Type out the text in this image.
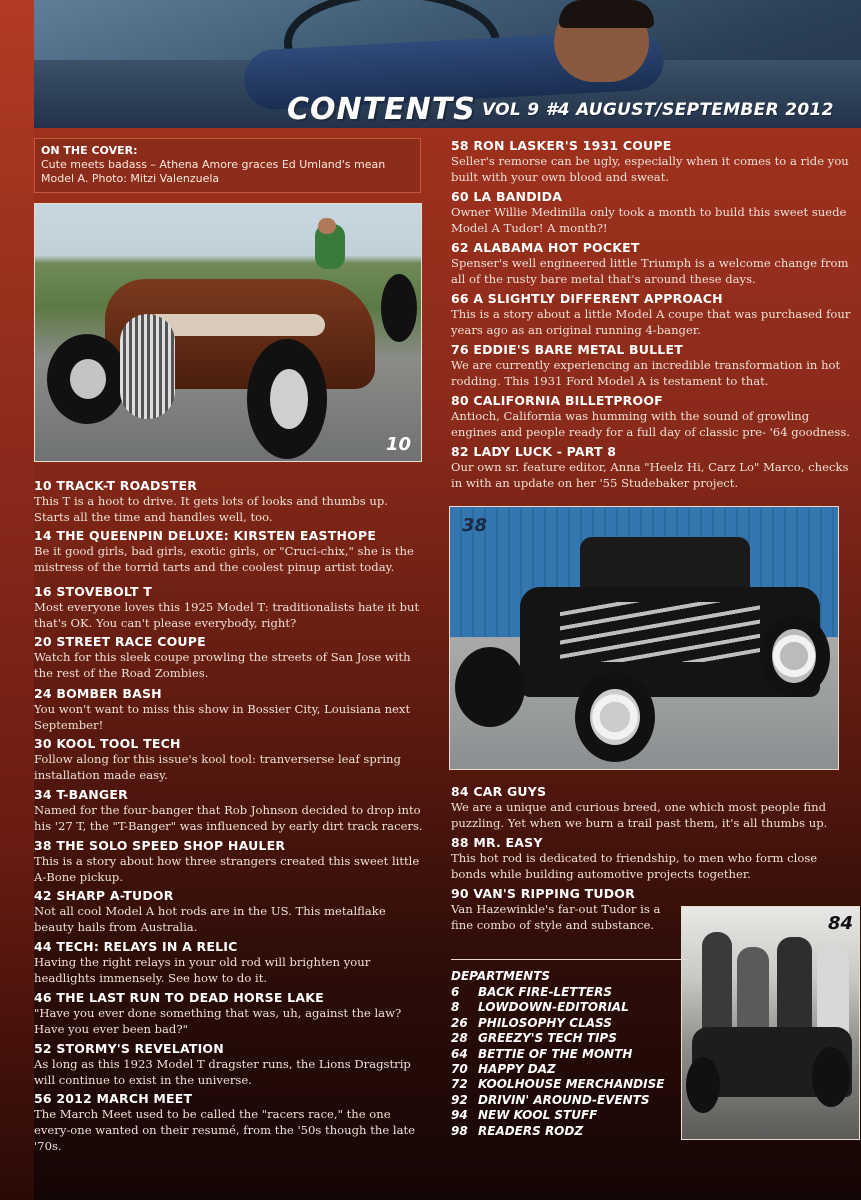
CONTENTS VOL 9 #4 AUGUST/SEPTEMBER 2012
ON THE COVER:
Cute meets badass – Athena Amore graces Ed Umland's mean Model A. Photo: Mitzi Valenzuela
10
38
84
10 TRACK-T ROADSTER
This T is a hoot to drive. It gets lots of looks and thumbs up. Starts all the time and handles well, too.
14 THE QUEENPIN DELUXE: KIRSTEN EASTHOPE
Be it good girls, bad girls, exotic girls, or "Cruci-chix," she is the mistress of the torrid tarts and the coolest pinup artist today.
16 STOVEBOLT T
Most everyone loves this 1925 Model T: traditionalists hate it but that's OK. You can't please everybody, right?
20 STREET RACE COUPE
Watch for this sleek coupe prowling the streets of San Jose with the rest of the Road Zombies.
24 BOMBER BASH
You won't want to miss this show in Bossier City, Louisiana next September!
30 KOOL TOOL TECH
Follow along for this issue's kool tool: tranverserse leaf spring installation made easy.
34 T-BANGER
Named for the four-banger that Rob Johnson decided to drop into his '27 T, the "T-Banger" was influenced by early dirt track racers.
38 THE SOLO SPEED SHOP HAULER
This is a story about how three strangers created this sweet little A-Bone pickup.
42 SHARP A-TUDOR
Not all cool Model A hot rods are in the US. This metalflake beauty hails from Australia.
44 TECH: RELAYS IN A RELIC
Having the right relays in your old rod will brighten your headlights immensely. See how to do it.
46 THE LAST RUN TO DEAD HORSE LAKE
"Have you ever done something that was, uh, against the law? Have you ever been bad?"
52 STORMY'S REVELATION
As long as this 1923 Model T dragster runs, the Lions Dragstrip will continue to exist in the universe.
56 2012 MARCH MEET
The March Meet used to be called the "racers race," the one every-one wanted on their resumé, from the '50s though the late '70s.
58 RON LASKER'S 1931 COUPE
Seller's remorse can be ugly, especially when it comes to a ride you built with your own blood and sweat.
60 LA BANDIDA
Owner Willie Medinilla only took a month to build this sweet suede Model A Tudor! A month?!
62 ALABAMA HOT POCKET
Spenser's well engineered little Triumph is a welcome change from all of the rusty bare metal that's around these days.
66 A SLIGHTLY DIFFERENT APPROACH
This is a story about a little Model A coupe that was purchased four years ago as an original running 4-banger.
76 EDDIE'S BARE METAL BULLET
We are currently experiencing an incredible transformation in hot rodding. This 1931 Ford Model A is testament to that.
80 CALIFORNIA BILLETPROOF
Antioch, California was humming with the sound of growling engines and people ready for a full day of classic pre- '64 goodness.
82 LADY LUCK - PART 8
Our own sr. feature editor, Anna "Heelz Hi, Carz Lo" Marco, checks in with an update on her '55 Studebaker project.
84 CAR GUYS
We are a unique and curious breed, one which most people find puzzling. Yet when we burn a trail past them, it's all thumbs up.
88 MR. EASY
This hot rod is dedicated to friendship, to men who form close bonds while building automotive projects together.
90 VAN'S RIPPING TUDOR
Van Hazewinkle's far-out Tudor is a fine combo of style and substance.
DEPARTMENTS
6 BACK FIRE-LETTERS
8 LOWDOWN-EDITORIAL
26 PHILOSOPHY CLASS
28 GREEZY'S TECH TIPS
64 BETTIE OF THE MONTH
70 HAPPY DAZ
72 KOOLHOUSE MERCHANDISE
92 DRIVIN' AROUND-EVENTS
94 NEW KOOL STUFF
98 READERS RODZ
